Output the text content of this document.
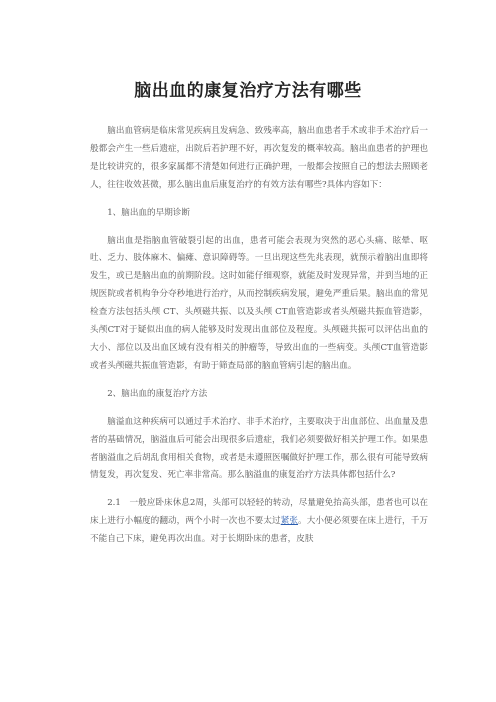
脑出血的康复治疗方法有哪些

脑出血管病是临床常见疾病且发病急、致残率高，脑出血患者手术或非手术治疗后一般都会产生一些后遗症，出院后若护理不好，再次复发的概率较高。脑出血患者的护理也是比较讲究的，很多家属都不清楚如何进行正确护理，一般都会按照自己的想法去照顾老人，往往收效甚微，那么脑出血后康复治疗的有效方法有哪些?具体内容如下：

1、脑出血的早期诊断

脑出血是指脑血管破裂引起的出血，患者可能会表现为突然的恶心头痛、眩晕、呕吐、乏力、肢体麻木、偏瘫、意识障碍等。一旦出现这些先兆表现，就预示着脑出血即将发生，或已是脑出血的前期阶段。这时如能仔细观察，就能及时发现异常，并到当地的正规医院或者机构争分夺秒地进行治疗，从而控制疾病发展，避免严重后果。脑出血的常见检查方法包括头颅 CT、头颅磁共振、以及头颅 CT血管造影或者头颅磁共振血管造影，头颅CT对于疑似出血的病人能够及时发现出血部位及程度。头颅磁共振可以评估出血的大小、部位以及出血区域有没有相关的肿瘤等，导致出血的一些病变。头颅CT血管造影或者头颅磁共振血管造影，有助于筛查局部的脑血管病引起的脑出血。

2、脑出血的康复治疗方法

脑溢血这种疾病可以通过手术治疗、非手术治疗，主要取决于出血部位、出血量及患者的基础情况，脑溢血后可能会出现很多后遗症，我们必须要做好相关护理工作。如果患者脑溢血之后胡乱食用相关食物，或者是未遵照医嘱做好护理工作，那么很有可能导致病情复发，再次复发、死亡率非常高。那么脑溢血的康复治疗方法具体都包括什么?

2.1　一般应卧床休息2周，头部可以轻轻的转动，尽量避免抬高头部，患者也可以在床上进行小幅度的翻动，两个小时一次也不要太过紧张。大小便必须要在床上进行，千万不能自己下床，避免再次出血。对于长期卧床的患者，皮肤
